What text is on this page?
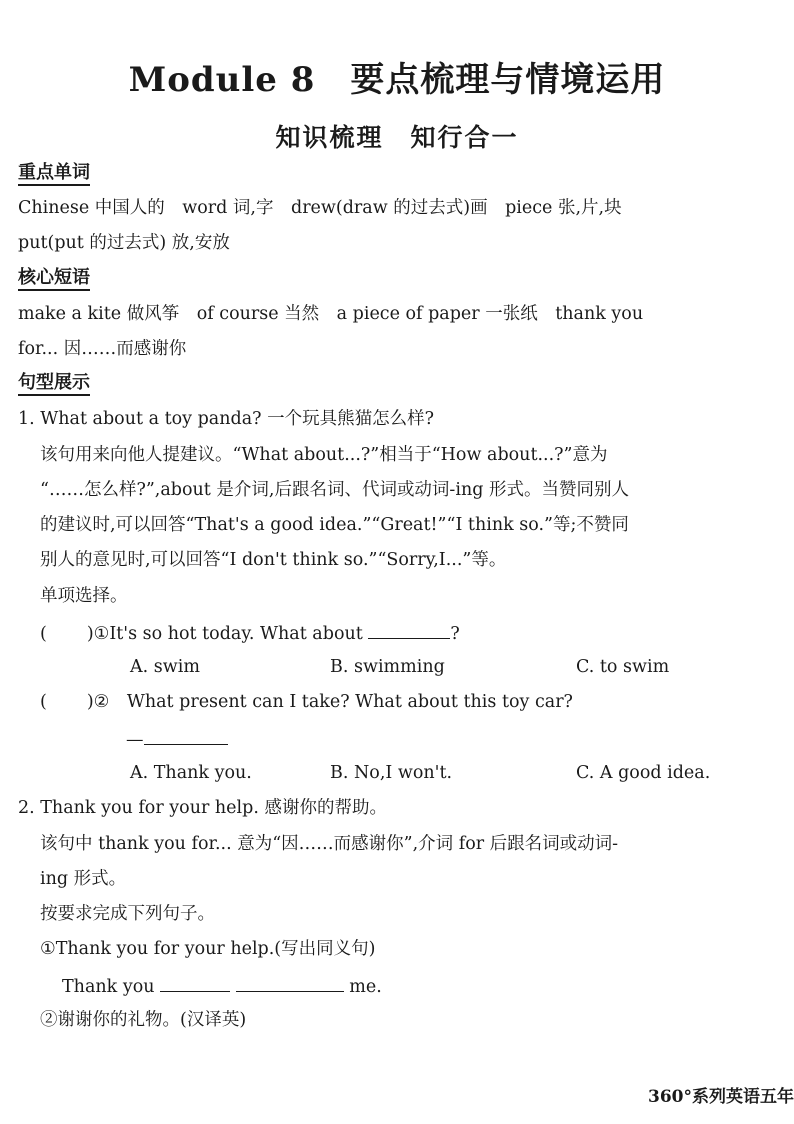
Module 8　要点梳理与情境运用
知识梳理　知行合一
重点单词
Chinese 中国人的　word 词,字　drew(draw 的过去式)画　piece 张,片,块
put(put 的过去式) 放,安放
核心短语
make a kite 做风筝　of course 当然　a piece of paper 一张纸　thank you
for... 因……而感谢你
句型展示
1. What about a toy panda? 一个玩具熊猫怎么样?
该句用来向他人提建议。“What about...?”相当于“How about...?”意为
“……怎么样?”,about 是介词,后跟名词、代词或动词-ing 形式。当赞同别人
的建议时,可以回答“That's a good idea.”“Great!”“I think so.”等;不赞同
别人的意见时,可以回答“I don't think so.”“Sorry,I...”等。
单项选择。
( )①It's so hot today. What about	?
A. swim	B. swimming	C. to swim
( )②　What present can I take? What about this toy car?
—
A. Thank you.	B. No,I won't.	C. A good idea.
2. Thank you for your help. 感谢你的帮助。
该句中 thank you for... 意为“因……而感谢你”,介词 for 后跟名词或动词-
ing 形式。
按要求完成下列句子。
①Thank you for your help.(写出同义句)
Thank you	me.
②谢谢你的礼物。(汉译英)
360°系列英语五年
